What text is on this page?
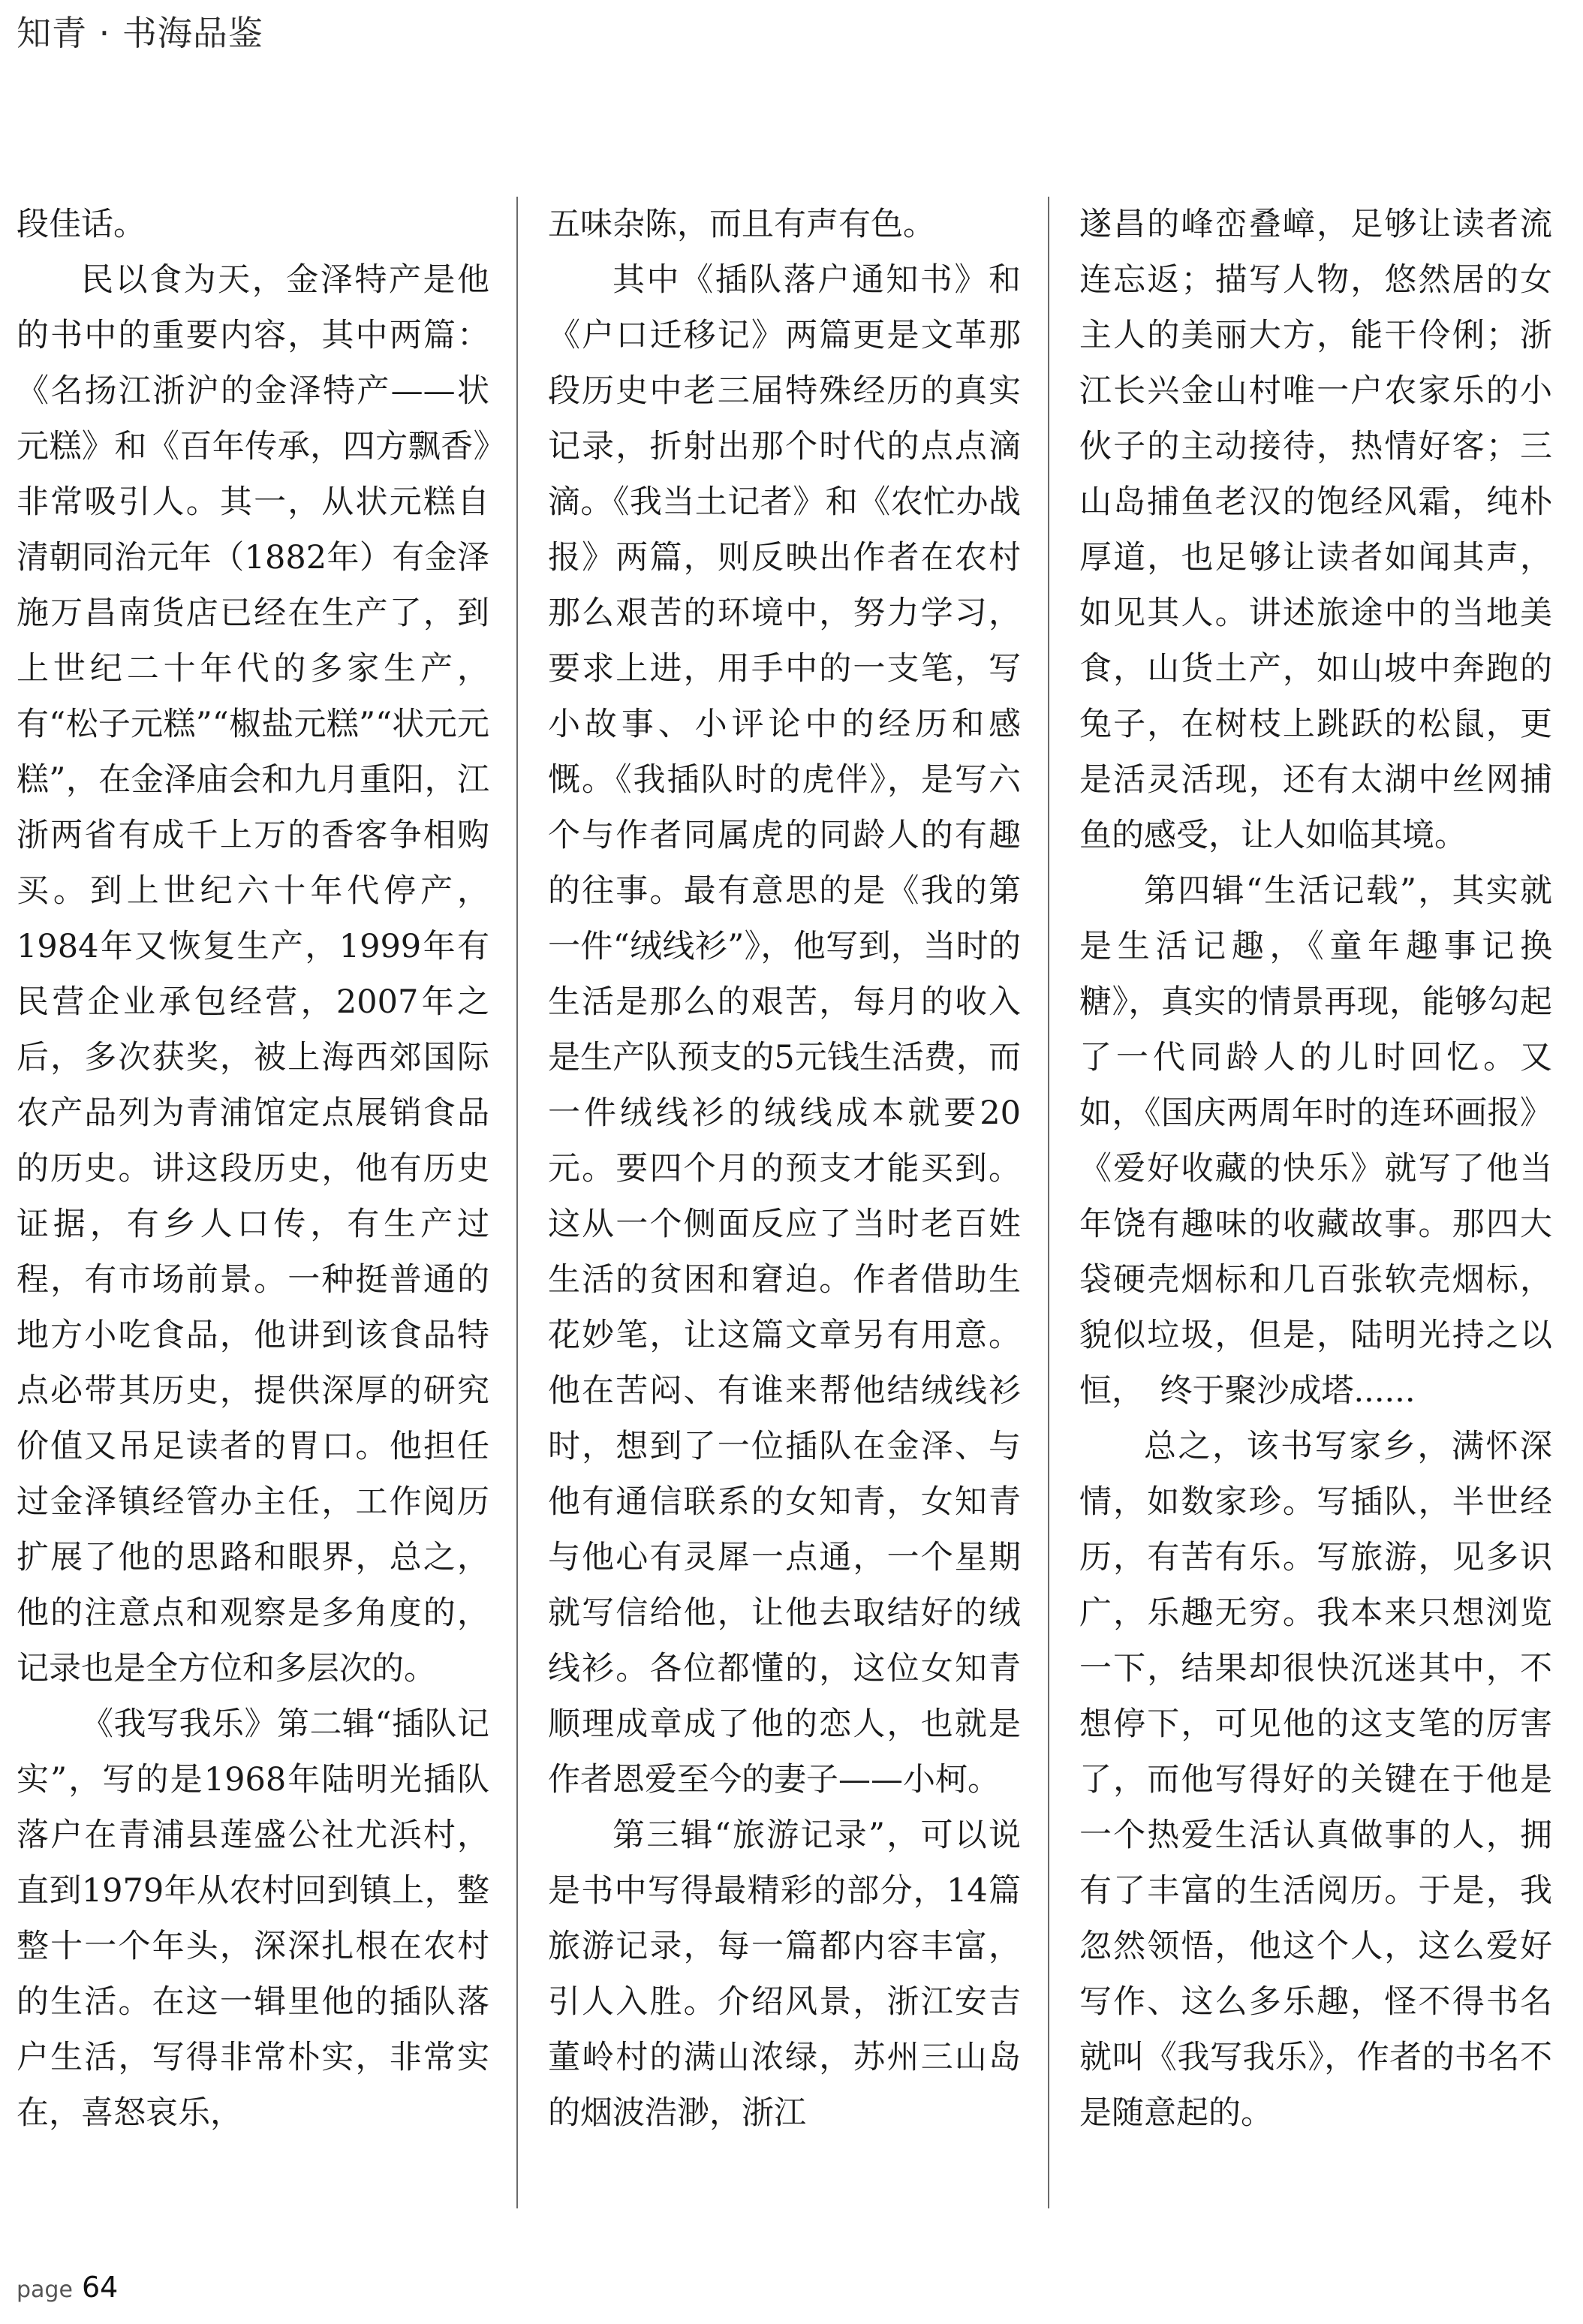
知青 · 书海品鉴

段佳话。

民以食为天，金泽特产是他的书中的重要内容，其中两篇：《名扬江浙沪的金泽特产——状元糕》和《百年传承，四方飘香》非常吸引人。其一，从状元糕自清朝同治元年（1882年）有金泽施万昌南货店已经在生产了，到上世纪二十年代的多家生产，有“松子元糕”“椒盐元糕”“状元元糕”，在金泽庙会和九月重阳，江浙两省有成千上万的香客争相购买。到上世纪六十年代停产，1984年又恢复生产，1999年有民营企业承包经营，2007年之后，多次获奖，被上海西郊国际农产品列为青浦馆定点展销食品的历史。讲这段历史，他有历史证据，有乡人口传，有生产过程，有市场前景。一种挺普通的地方小吃食品，他讲到该食品特点必带其历史，提供深厚的研究价值又吊足读者的胃口。他担任过金泽镇经管办主任，工作阅历扩展了他的思路和眼界，总之，他的注意点和观察是多角度的，记录也是全方位和多层次的。

《我写我乐》第二辑“插队记实”，写的是1968年陆明光插队落户在青浦县莲盛公社尤浜村，直到1979年从农村回到镇上，整整十一个年头，深深扎根在农村的生活。在这一辑里他的插队落户生活，写得非常朴实，非常实在，喜怒哀乐，

五味杂陈，而且有声有色。

其中《插队落户通知书》和《户口迁移记》两篇更是文革那段历史中老三届特殊经历的真实记录，折射出那个时代的点点滴滴。《我当土记者》和《农忙办战报》两篇，则反映出作者在农村那么艰苦的环境中，努力学习，要求上进，用手中的一支笔，写小故事、小评论中的经历和感慨。《我插队时的虎伴》，是写六个与作者同属虎的同龄人的有趣的往事。最有意思的是《我的第一件“绒线衫”》，他写到，当时的生活是那么的艰苦，每月的收入是生产队预支的5元钱生活费，而一件绒线衫的绒线成本就要20元。要四个月的预支才能买到。这从一个侧面反应了当时老百姓生活的贫困和窘迫。作者借助生花妙笔，让这篇文章另有用意。他在苦闷、有谁来帮他结绒线衫时，想到了一位插队在金泽、与他有通信联系的女知青，女知青与他心有灵犀一点通，一个星期就写信给他，让他去取结好的绒线衫。各位都懂的，这位女知青顺理成章成了他的恋人，也就是作者恩爱至今的妻子——小柯。

第三辑“旅游记录”，可以说是书中写得最精彩的部分，14篇旅游记录，每一篇都内容丰富，引人入胜。介绍风景，浙江安吉董岭村的满山浓绿，苏州三山岛的烟波浩渺，浙江

遂昌的峰峦叠嶂，足够让读者流连忘返；描写人物，悠然居的女主人的美丽大方，能干伶俐；浙江长兴金山村唯一户农家乐的小伙子的主动接待，热情好客；三山岛捕鱼老汉的饱经风霜，纯朴厚道，也足够让读者如闻其声，如见其人。讲述旅途中的当地美食，山货土产，如山坡中奔跑的兔子，在树枝上跳跃的松鼠，更是活灵活现，还有太湖中丝网捕鱼的感受，让人如临其境。

第四辑“生活记载”，其实就是生活记趣，《童年趣事记换糖》，真实的情景再现，能够勾起了一代同龄人的儿时回忆。又如，《国庆两周年时的连环画报》《爱好收藏的快乐》就写了他当年饶有趣味的收藏故事。那四大袋硬壳烟标和几百张软壳烟标，貌似垃圾，但是，陆明光持之以恒，　终于聚沙成塔......

总之，该书写家乡，满怀深情，如数家珍。写插队，半世经历，有苦有乐。写旅游，见多识广，乐趣无穷。我本来只想浏览一下，结果却很快沉迷其中，不想停下，可见他的这支笔的厉害了，而他写得好的关键在于他是一个热爱生活认真做事的人，拥有了丰富的生活阅历。于是，我忽然领悟，他这个人，这么爱好写作、这么多乐趣，怪不得书名就叫《我写我乐》，作者的书名不是随意起的。

page 64
